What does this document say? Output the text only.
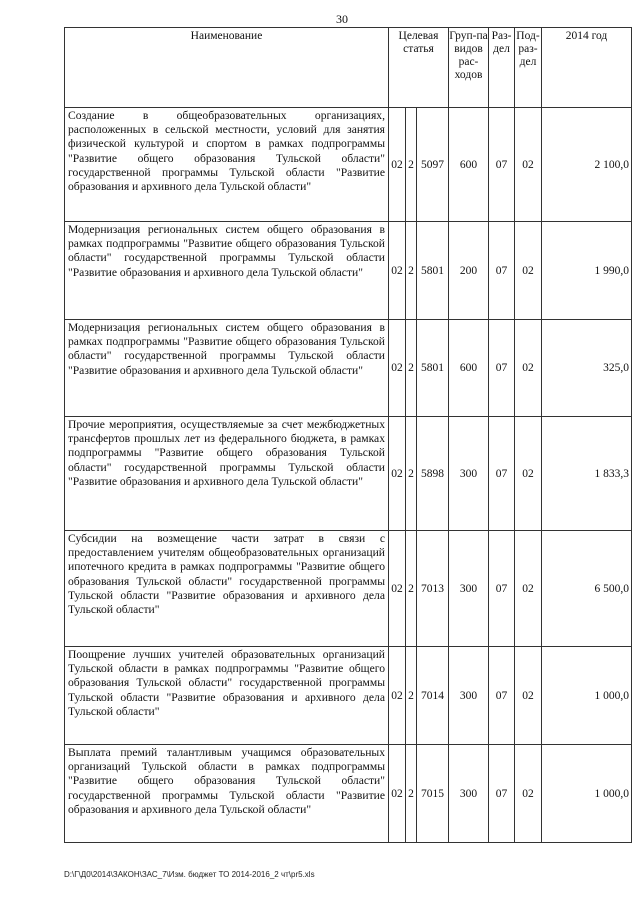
30
Наименование	Целевая статья			Груп-па видов рас-ходов	Раз-дел	Под-раз-дел	2014 год
Создание в общеобразовательных организациях, расположенных в сельской местности, условий для занятия физической культурой и спортом в рамках подпрограммы "Развитие общего образования Тульской области" государственной программы Тульской области "Развитие образования и архивного дела Тульской области"	02	2	5097	600	07	02	2 100,0
Модернизация региональных систем общего образования в рамках подпрограммы "Развитие общего образования Тульской области" государственной программы Тульской области "Развитие образования и архивного дела Тульской области"	02	2	5801	200	07	02	1 990,0
Модернизация региональных систем общего образования в рамках подпрограммы "Развитие общего образования Тульской области" государственной программы Тульской области "Развитие образования и архивного дела Тульской области"	02	2	5801	600	07	02	325,0
Прочие мероприятия, осуществляемые за счет межбюджетных трансфертов прошлых лет из федерального бюджета, в рамках подпрограммы "Развитие общего образования Тульской области" государственной программы Тульской области "Развитие образования и архивного дела Тульской области"	02	2	5898	300	07	02	1 833,3
Субсидии на возмещение части затрат в связи с предоставлением учителям общеобразовательных организаций ипотечного кредита в рамках подпрограммы "Развитие общего образования Тульской области" государственной программы Тульской области "Развитие образования и архивного дела Тульской области"	02	2	7013	300	07	02	6 500,0
Поощрение лучших учителей образовательных организаций Тульской области в рамках подпрограммы "Развитие общего образования Тульской области" государственной программы Тульской области "Развитие образования и архивного дела Тульской области"	02	2	7014	300	07	02	1 000,0
Выплата премий талантливым учащимся образовательных организаций Тульской области в рамках подпрограммы "Развитие общего образования Тульской области" государственной программы Тульской области "Развитие образования и архивного дела Тульской области"	02	2	7015	300	07	02	1 000,0
D:\Г\Д0\2014\ЗАКОН\ЗАС_7\Изм. бюджет ТО 2014-2016_2 чт\pr5.xls
